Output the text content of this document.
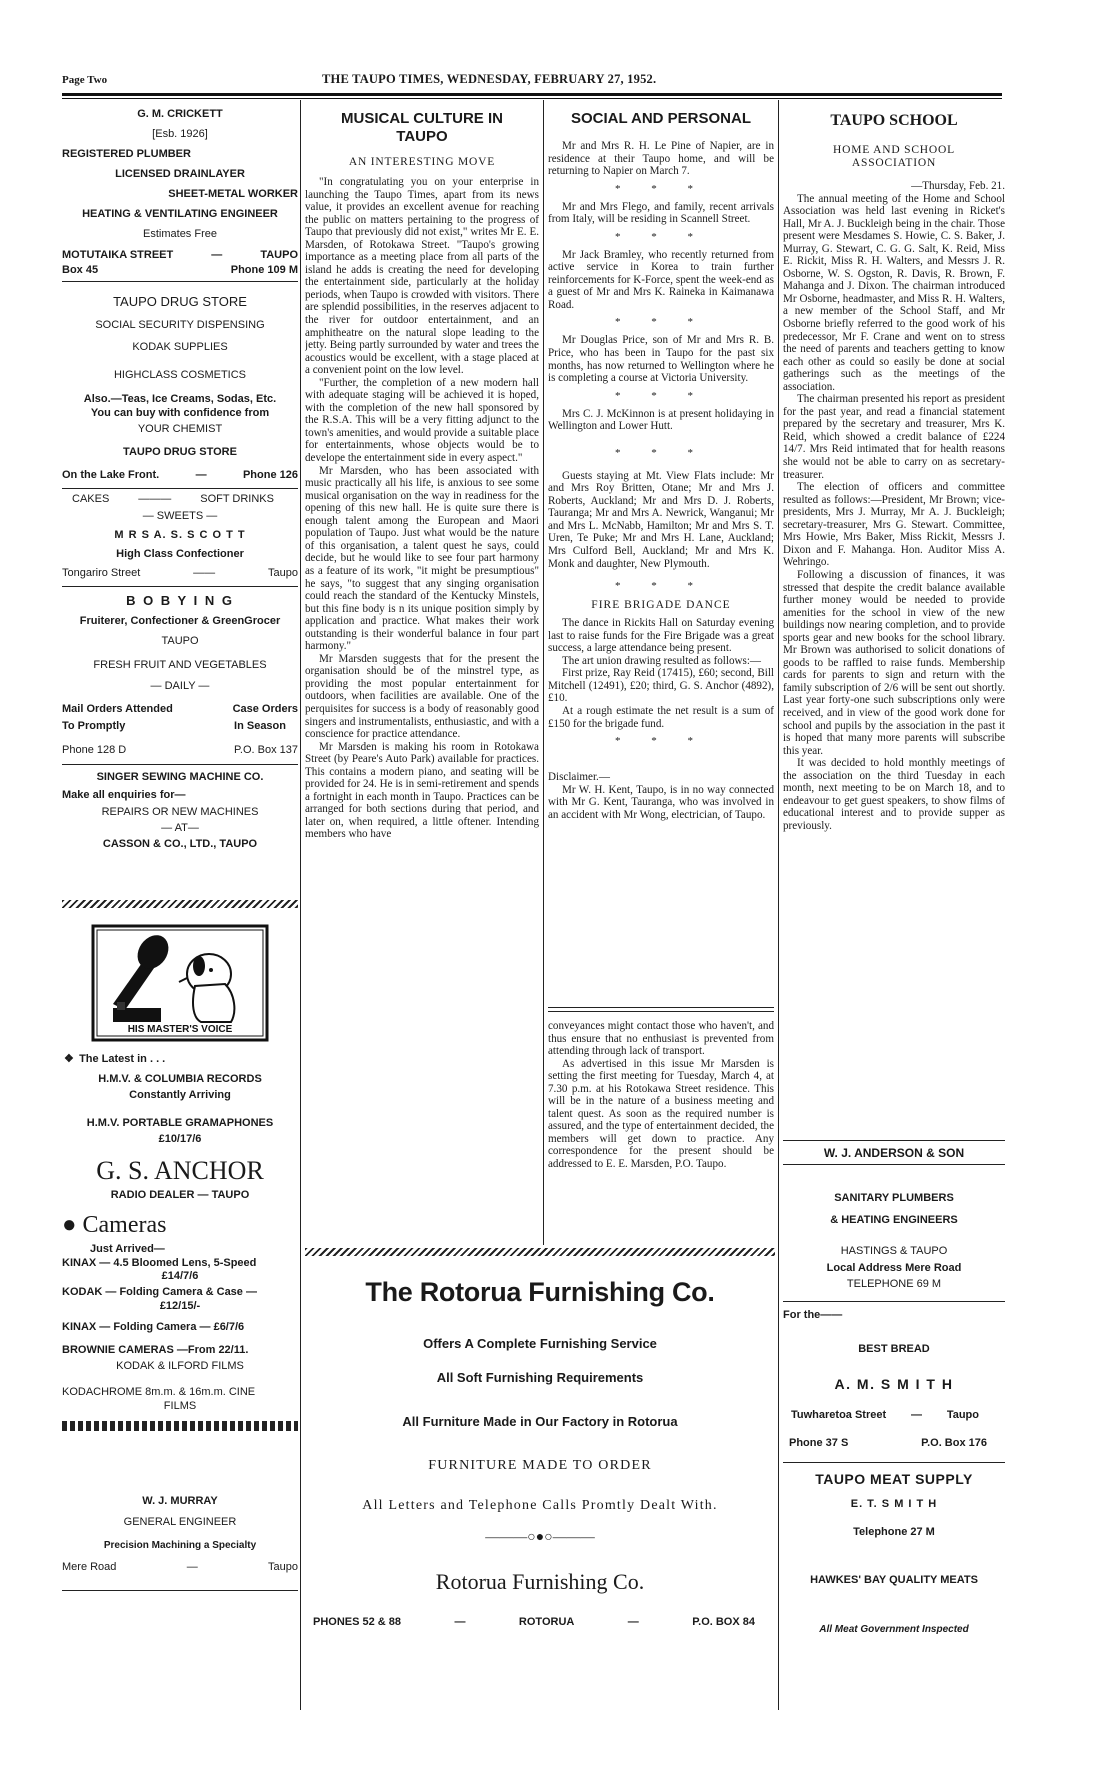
Page Two	THE TAUPO TIMES, WEDNESDAY, FEBRUARY 27, 1952.
G. M. CRICKETT
[Esb. 1926]
REGISTERED PLUMBER
LICENSED DRAINLAYER
SHEET-METAL WORKER
HEATING & VENTILATING ENGINEER
Estimates Free
MOTUTAIKA STREET	—	TAUPO
Box 45	Phone 109 M
TAUPO DRUG STORE
SOCIAL SECURITY DISPENSING
KODAK SUPPLIES
HIGHCLASS COSMETICS
Also.—Teas, Ice Creams, Sodas, Etc.
You can buy with confidence from
YOUR CHEMIST
TAUPO DRUG STORE
On the Lake Front.	—	Phone 126
CAKES	———	SOFT DRINKS
— SWEETS —
M R S A. S. S C O T T
High Class Confectioner
Tongariro Street	——	Taupo
B O B Y I N G
Fruiterer, Confectioner & GreenGrocer
TAUPO
FRESH FRUIT AND VEGETABLES
— DAILY —
Mail Orders Attended	Case Orders
To Promptly	In Season
Phone 128 D	P.O. Box 137
SINGER SEWING MACHINE CO.
Make all enquiries for—
REPAIRS OR NEW MACHINES
— AT—
CASSON & CO., LTD., TAUPO
HIS MASTER'S VOICE
❖ The Latest in . . .
H.M.V. & COLUMBIA RECORDS
Constantly Arriving
H.M.V. PORTABLE GRAMAPHONES
£10/17/6
G. S. ANCHOR
RADIO DEALER — TAUPO
● Cameras
Just Arrived—
KINAX — 4.5 Bloomed Lens, 5-Speed
£14/7/6
KODAK — Folding Camera & Case —
£12/15/-
KINAX — Folding Camera — £6/7/6
BROWNIE CAMERAS —From 22/11.
KODAK & ILFORD FILMS
KODACHROME 8m.m. & 16m.m. CINE
FILMS
W. J. MURRAY
GENERAL ENGINEER
Precision Machining a Specialty
Mere Road	—	Taupo
MUSICAL CULTURE IN TAUPO
AN INTERESTING MOVE

"In congratulating you on your enterprise in launching the Taupo Times, apart from its news value, it provides an excellent avenue for reaching the public on matters pertaining to the progress of Taupo that previously did not exist," writes Mr E. E. Marsden, of Rotokawa Street. "Taupo's growing importance as a meeting place from all parts of the island he adds is creating the need for developing the entertainment side, particularly at the holiday periods, when Taupo is crowded with visitors. There are splendid possibilities, in the reserves adjacent to the river for outdoor entertainment, and an amphitheatre on the natural slope leading to the jetty. Being partly surrounded by water and trees the acoustics would be excellent, with a stage placed at a convenient point on the low level.

"Further, the completion of a new modern hall with adequate staging will be achieved it is hoped, with the completion of the new hall sponsored by the R.S.A. This will be a very fitting adjunct to the town's amenities, and would provide a suitable place for entertainments, whose objects would be to develope the entertainment side in every aspect."

Mr Marsden, who has been associated with music practically all his life, is anxious to see some musical organisation on the way in readiness for the opening of this new hall. He is quite sure there is enough talent among the European and Maori population of Taupo. Just what would be the nature of this organisation, a talent quest he says, could decide, but he would like to see four part harmony as a feature of its work, "it might be presumptious" he says, "to suggest that any singing organisation could reach the standard of the Kentucky Minstels, but this fine body is n its unique position simply by application and practice. What makes their work outstanding is their wonderful balance in four part harmony."

Mr Marsden suggests that for the present the organisation should be of the minstrel type, as providing the most popular entertainment for outdoors, when facilities are available. One of the perquisites for success is a body of reasonably good singers and instrumentalists, enthusiastic, and with a conscience for practice attendance.

Mr Marsden is making his room in Rotokawa Street (by Peare's Auto Park) available for practices. This contains a modern piano, and seating will be provided for 24. He is in semi-retirement and spends a fortnight in each month in Taupo. Practices can be arranged for both sections during that period, and later on, when required, a little oftener. Intending members who have

SOCIAL AND PERSONAL

Mr and Mrs R. H. Le Pine of Napier, are in residence at their Taupo home, and will be returning to Napier on March 7.

* * *

Mr and Mrs Flego, and family, recent arrivals from Italy, will be residing in Scannell Street.

* * *

Mr Jack Bramley, who recently returned from active service in Korea to train further reinforcements for K-Force, spent the week-end as a guest of Mr and Mrs K. Raineka in Kaimanawa Road.

* * *

Mr Douglas Price, son of Mr and Mrs R. B. Price, who has been in Taupo for the past six months, has now returned to Wellington where he is completing a course at Victoria University.

* * *

Mrs C. J. McKinnon is at present holidaying in Wellington and Lower Hutt.

* * *

Guests staying at Mt. View Flats include: Mr and Mrs Roy Britten, Otane; Mr and Mrs J. Roberts, Auckland; Mr and Mrs D. J. Roberts, Tauranga; Mr and Mrs A. Newrick, Wanganui; Mr and Mrs L. McNabb, Hamilton; Mr and Mrs S. T. Uren, Te Puke; Mr and Mrs H. Lane, Auckland; Mrs Culford Bell, Auckland; Mr and Mrs K. Monk and daughter, New Plymouth.

* * *
FIRE BRIGADE DANCE

The dance in Rickits Hall on Saturday evening last to raise funds for the Fire Brigade was a great success, a large attendance being present.

The art union drawing resulted as follows:—

First prize, Ray Reid (17415), £60; second, Bill Mitchell (12491), £20; third, G. S. Anchor (4892), £10.

At a rough estimate the net result is a sum of £150 for the brigade fund.

* * *

Disclaimer.—

Mr W. H. Kent, Taupo, is in no way connected with Mr G. Kent, Tauranga, who was involved in an accident with Mr Wong, electrician, of Taupo.

conveyances might contact those who haven't, and thus ensure that no enthusiast is prevented from attending through lack of transport.

As advertised in this issue Mr Marsden is setting the first meeting for Tuesday, March 4, at 7.30 p.m. at his Rotokawa Street residence. This will be in the nature of a business meeting and talent quest. As soon as the required number is assured, and the type of entertainment decided, the members will get down to practice. Any correspondence for the present should be addressed to E. E. Marsden, P.O. Taupo.

TAUPO SCHOOL
HOME AND SCHOOL ASSOCIATION

—Thursday, Feb. 21.

The annual meeting of the Home and School Association was held last evening in Ricket's Hall, Mr A. J. Buckleigh being in the chair. Those present were Mesdames S. Howie, C. S. Baker, J. Murray, G. Stewart, C. G. G. Salt, K. Reid, Miss E. Rickit, Miss R. H. Walters, and Messrs J. R. Osborne, W. S. Ogston, R. Davis, R. Brown, F. Mahanga and J. Dixon. The chairman introduced Mr Osborne, headmaster, and Miss R. H. Walters, a new member of the School Staff, and Mr Osborne briefly referred to the good work of his predecessor, Mr F. Crane and went on to stress the need of parents and teachers getting to know each other as could so easily be done at social gatherings such as the meetings of the association.

The chairman presented his report as president for the past year, and read a financial statement prepared by the secretary and treasurer, Mrs K. Reid, which showed a credit balance of £224 14/7. Mrs Reid intimated that for health reasons she would not be able to carry on as secretary-treasurer.

The election of officers and committee resulted as follows:—President, Mr Brown; vice-presidents, Mrs J. Murray, Mr A. J. Buckleigh; secretary-treasurer, Mrs G. Stewart. Committee, Mrs Howie, Mrs Baker, Miss Rickit, Messrs J. Dixon and F. Mahanga. Hon. Auditor Miss A. Wehringo.

Following a discussion of finances, it was stressed that despite the credit balance available further money would be needed to provide amenities for the school in view of the new buildings now nearing completion, and to provide sports gear and new books for the school library. Mr Brown was authorised to solicit donations of goods to be raffled to raise funds. Membership cards for parents to sign and return with the family subscription of 2/6 will be sent out shortly. Last year forty-one such subscriptions only were received, and in view of the good work done for school and pupils by the association in the past it is hoped that many more parents will subscribe this year.

It was decided to hold monthly meetings of the association on the third Tuesday in each month, next meeting to be on March 18, and to endeavour to get guest speakers, to show films of educational interest and to provide supper as previously.

W. J. ANDERSON & SON
SANITARY PLUMBERS
& HEATING ENGINEERS
HASTINGS & TAUPO
Local Address Mere Road
TELEPHONE 69 M
For the——
BEST BREAD
A. M. S M I T H
Tuwharetoa Street — Taupo
Phone 37 S	P.O. Box 176
TAUPO MEAT SUPPLY
E. T. S M I T H
Telephone 27 M
HAWKES' BAY QUALITY MEATS
All Meat Government Inspected
The Rotorua Furnishing Co.
Offers A Complete Furnishing Service
All Soft Furnishing Requirements
All Furniture Made in Our Factory in Rotorua
FURNITURE MADE TO ORDER
All Letters and Telephone Calls Promtly Dealt With.
———○●○———
Rotorua Furnishing Co.
PHONES 52 & 88	—	ROTORUA	—	P.O. BOX 84
